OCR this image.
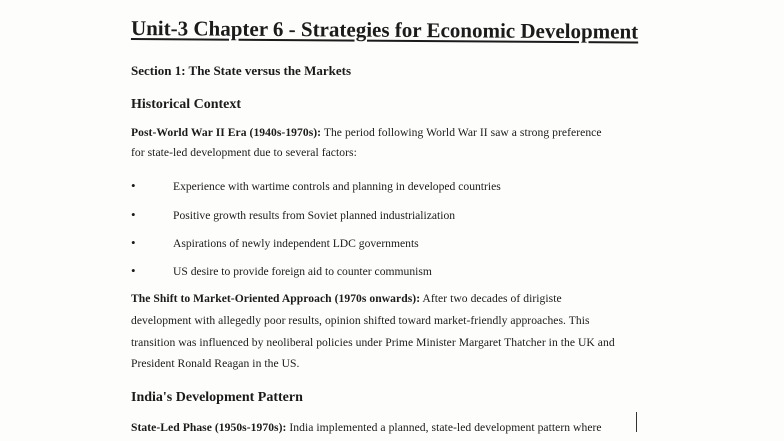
Unit-3 Chapter 6 - Strategies for Economic Development
Section 1: The State versus the Markets
Historical Context
Post-World War II Era (1940s-1970s): The period following World War II saw a strong preference
for state-led development due to several factors:
•	Experience with wartime controls and planning in developed countries
•	Positive growth results from Soviet planned industrialization
•	Aspirations of newly independent LDC governments
•	US desire to provide foreign aid to counter communism
The Shift to Market-Oriented Approach (1970s onwards): After two decades of dirigiste
development with allegedly poor results, opinion shifted toward market-friendly approaches. This
transition was influenced by neoliberal policies under Prime Minister Margaret Thatcher in the UK and
President Ronald Reagan in the US.
India's Development Pattern
State-Led Phase (1950s-1970s): India implemented a planned, state-led development pattern where
